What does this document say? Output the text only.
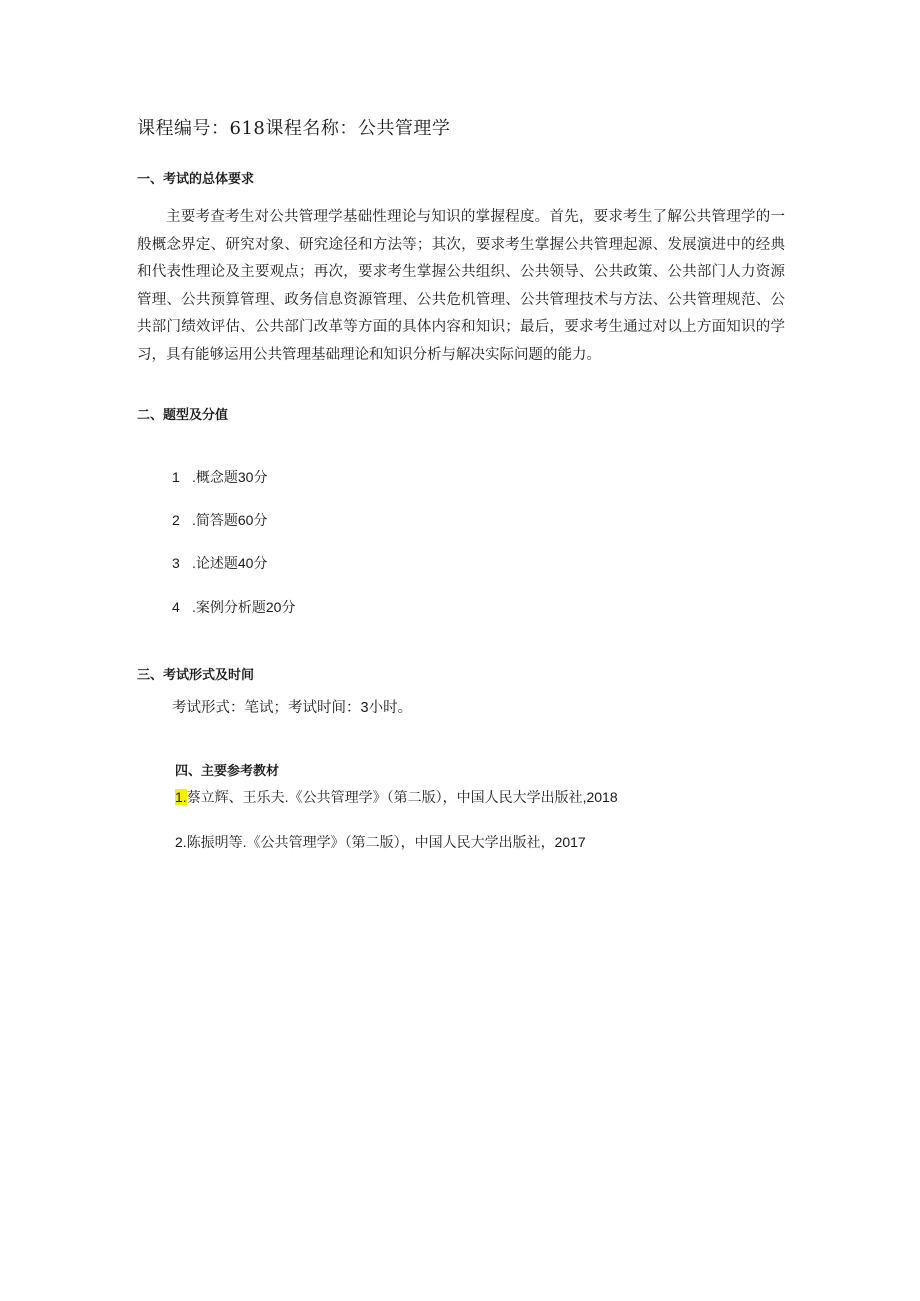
课程编号：618课程名称：公共管理学
一、考试的总体要求

主要考查考生对公共管理学基础性理论与知识的掌握程度。首先，要求考生了解公共管理学的一般概念界定、研究对象、研究途径和方法等；其次，要求考生掌握公共管理起源、发展演进中的经典和代表性理论及主要观点；再次，要求考生掌握公共组织、公共领导、公共政策、公共部门人力资源管理、公共预算管理、政务信息资源管理、公共危机管理、公共管理技术与方法、公共管理规范、公共部门绩效评估、公共部门改革等方面的具体内容和知识；最后，要求考生通过对以上方面知识的学习，具有能够运用公共管理基础理论和知识分析与解决实际问题的能力。

二、题型及分值
1 .概念题30分
2 .简答题60分
3 .论述题40分
4 .案例分析题20分
三、考试形式及时间
考试形式：笔试；考试时间：3小时。
四、主要参考教材
1.蔡立辉、王乐夫.《公共管理学》（第二版），中国人民大学出版社,2018
2.陈振明等.《公共管理学》（第二版），中国人民大学出版社，2017
